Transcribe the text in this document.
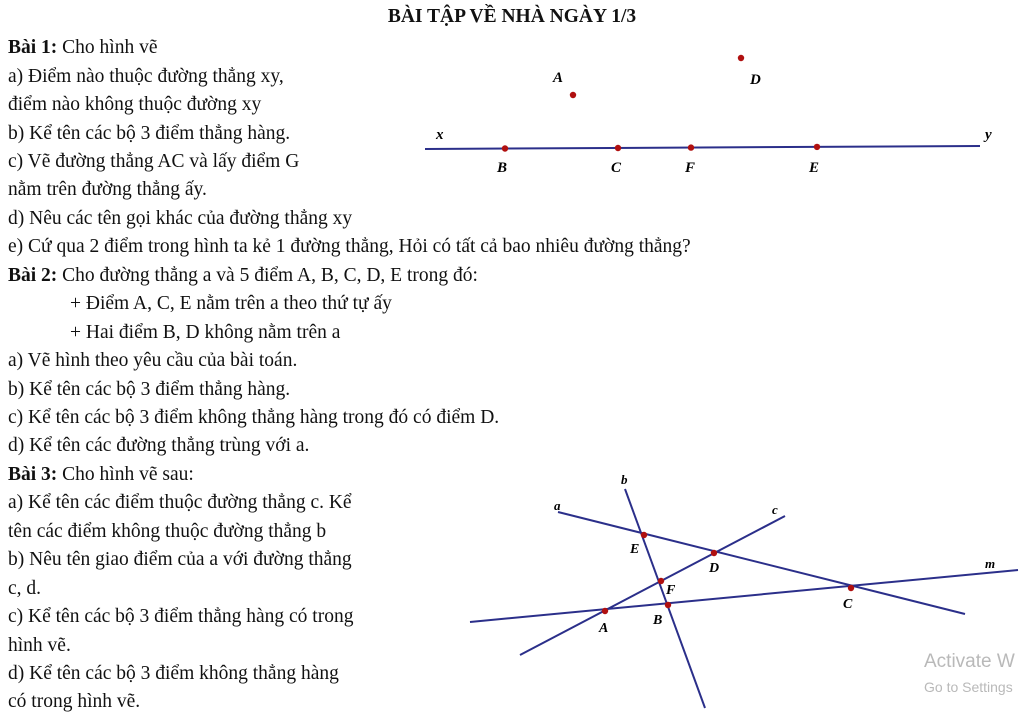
BÀI TẬP VỀ NHÀ NGÀY 1/3
Bài 1: Cho hình vẽ
a) Điểm nào thuộc đường thẳng xy,
điểm nào không thuộc đường xy
b) Kể tên các bộ 3 điểm thẳng hàng.
c) Vẽ đường thẳng AC và lấy điểm G
nằm trên đường thẳng ấy.
d) Nêu các tên gọi khác của đường thẳng xy
e) Cứ qua 2 điểm trong hình ta kẻ 1 đường thẳng, Hỏi có tất cả bao nhiêu đường thẳng?
Bài 2: Cho đường thẳng a và 5 điểm A, B, C, D, E trong đó:
+ Điểm A, C, E nằm trên a theo thứ tự ấy
+ Hai điểm B, D không nằm trên a
a) Vẽ hình theo yêu cầu của bài toán.
b) Kể tên các bộ 3 điểm thẳng hàng.
c) Kể tên các bộ 3 điểm không thẳng hàng trong đó có điểm D.
d) Kể tên các đường thẳng trùng với a.
Bài 3: Cho hình vẽ sau:
a) Kể tên các điểm thuộc đường thẳng c. Kể
tên các điểm không thuộc đường thẳng b
b) Nêu tên giao điểm của a với đường thẳng
c, d.
c) Kể tên các bộ 3 điểm thẳng hàng có trong
hình vẽ.
d) Kể tên các bộ 3 điểm không thẳng hàng
có trong hình vẽ.
x	y
A	D
B	C	F	E
a
b
c
m
E
D
F
C
A
B
Activate W
Go to Settings
